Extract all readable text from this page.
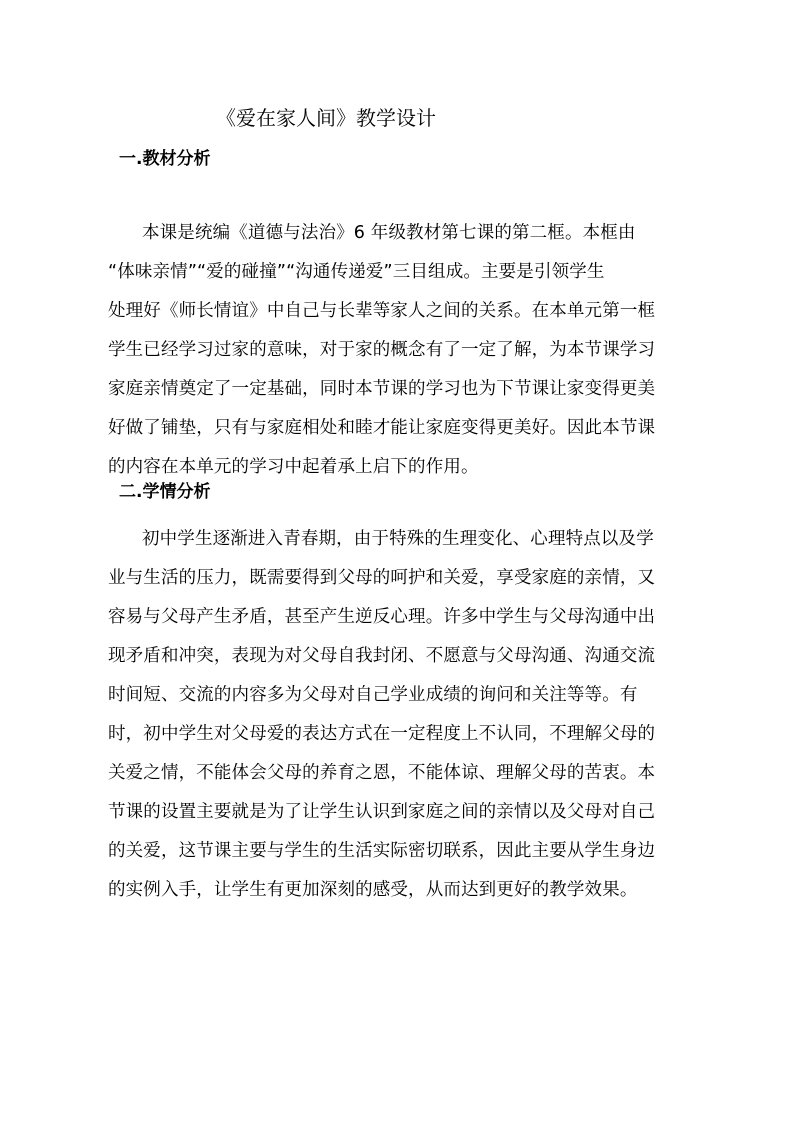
《爱在家人间》教学设计
一.教材分析
本课是统编《道德与法治》6 年级教材第七课的第二框。本框由
“体味亲情”“爱的碰撞”“沟通传递爱”三目组成。主要是引领学生
处理好《师长情谊》中自己与长辈等家人之间的关系。在本单元第一框
学生已经学习过家的意味，对于家的概念有了一定了解，为本节课学习
家庭亲情奠定了一定基础，同时本节课的学习也为下节课让家变得更美
好做了铺垫，只有与家庭相处和睦才能让家庭变得更美好。因此本节课
的内容在本单元的学习中起着承上启下的作用。
二.学情分析
初中学生逐渐进入青春期，由于特殊的生理变化、心理特点以及学
业与生活的压力，既需要得到父母的呵护和关爱，享受家庭的亲情，又
容易与父母产生矛盾，甚至产生逆反心理。许多中学生与父母沟通中出
现矛盾和冲突，表现为对父母自我封闭、不愿意与父母沟通、沟通交流
时间短、交流的内容多为父母对自己学业成绩的询问和关注等等。有
时，初中学生对父母爱的表达方式在一定程度上不认同，不理解父母的
关爱之情，不能体会父母的养育之恩，不能体谅、理解父母的苦衷。本
节课的设置主要就是为了让学生认识到家庭之间的亲情以及父母对自己
的关爱，这节课主要与学生的生活实际密切联系，因此主要从学生身边
的实例入手，让学生有更加深刻的感受，从而达到更好的教学效果。
